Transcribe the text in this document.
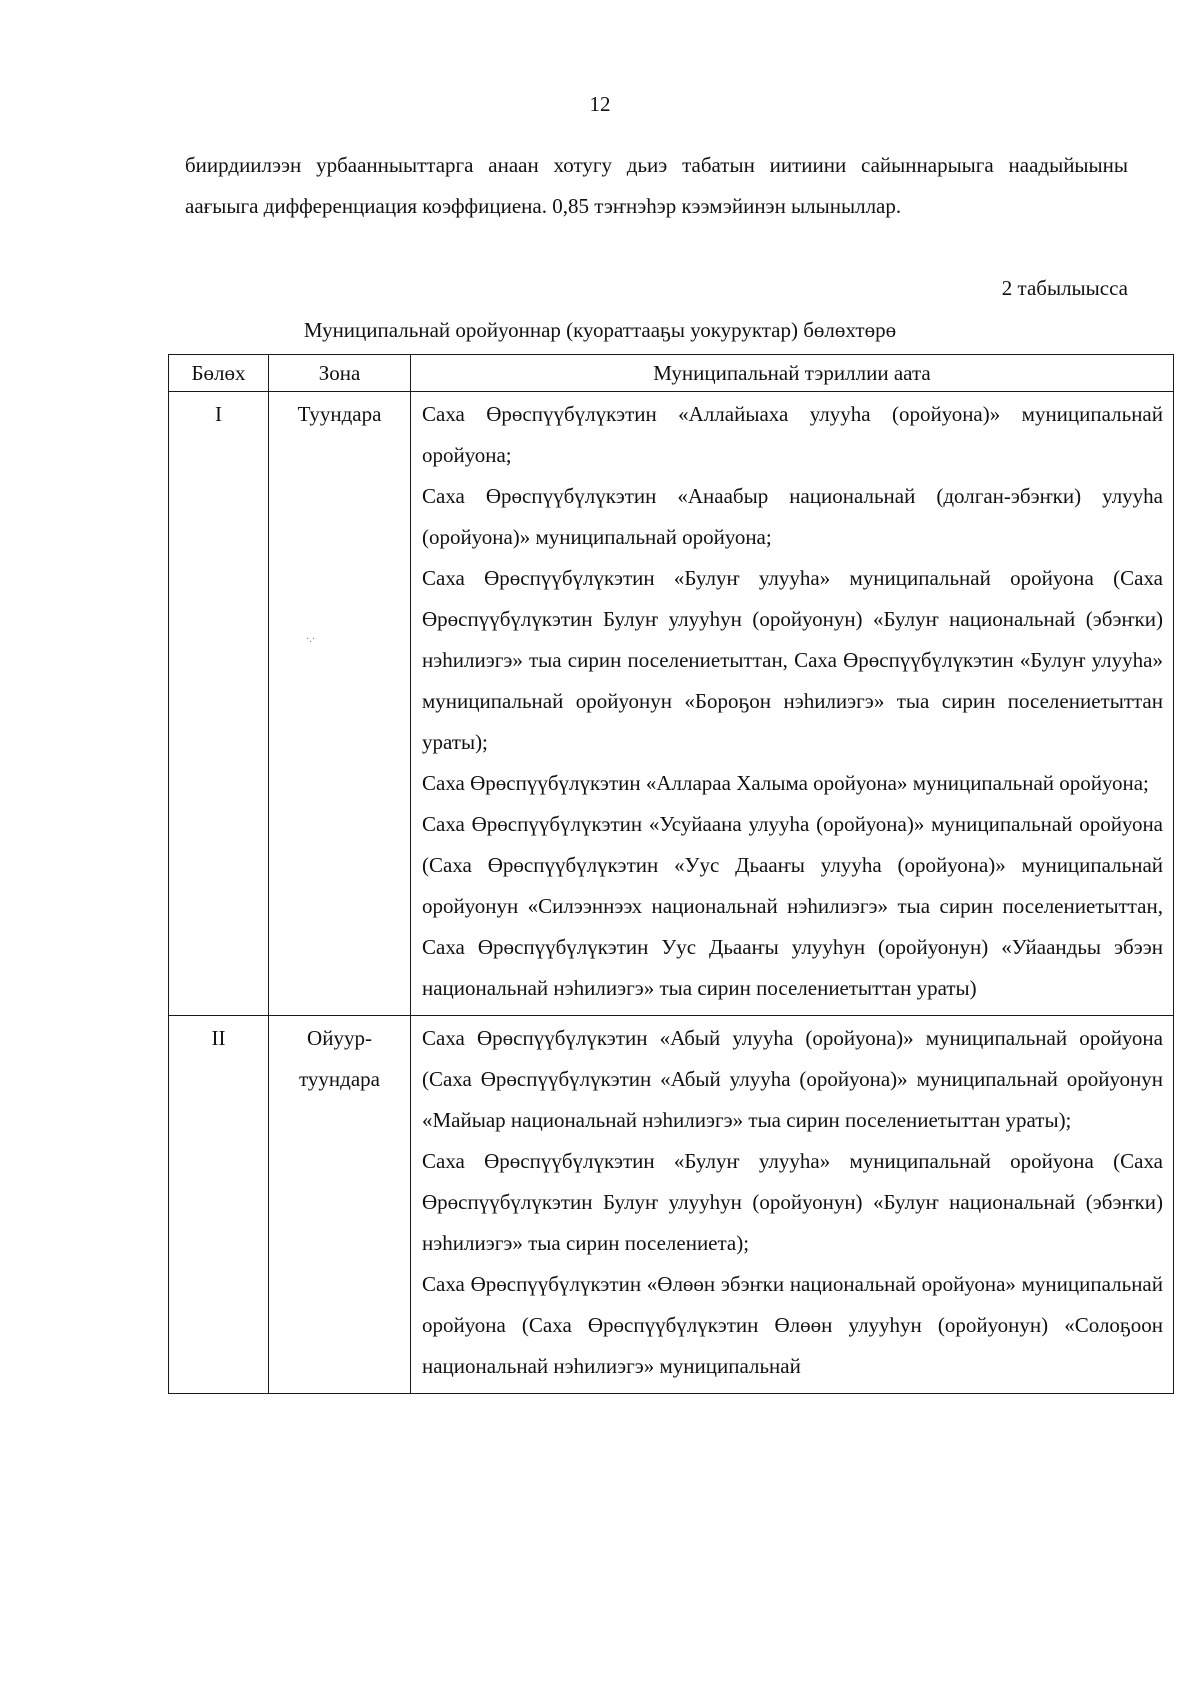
12

биирдиилээн урбаанныыттарга анаан хотугу дьиэ табатын иитиини сайыннарыыга наадыйыыны аағыыга дифференциация коэффициена. 0,85 тэҥнэһэр кээмэйинэн ылыныллар.

2 табылыысса
Муниципальнай оройуоннар (куораттааҕы уокуруктар) бөлөхтөрө
Бөлөх	Зона	Муниципальнай тэриллии аата
I	Туундара	Саха Өрөспүүбүлүкэтин «Аллайыаха улууһа (оройуона)» муниципальнай оройуона;

Саха Өрөспүүбүлүкэтин «Анаабыр национальнай (долган-эбэҥки) улууһа (оройуона)» муниципальнай оройуона;

Саха Өрөспүүбүлүкэтин «Булуҥ улууһа» муниципальнай оройуона (Саха Өрөспүүбүлүкэтин Булуҥ улууһун (оройуонун) «Булуҥ национальнай (эбэҥки) нэһилиэгэ» тыа сирин поселениетыттан, Саха Өрөспүүбүлүкэтин «Булуҥ улууһа» муниципальнай оройуонун «Бороҕон нэһилиэгэ» тыа сирин поселениетыттан ураты);

Саха Өрөспүүбүлүкэтин «Аллараа Халыма оройуона» муниципальнай оройуона;

Саха Өрөспүүбүлүкэтин «Усуйаана улууһа (оройуона)» муниципальнай оройуона (Саха Өрөспүүбүлүкэтин «Уус Дьааҥы улууһа (оройуона)» муниципальнай оройуонун «Силээннээх национальнай нэһилиэгэ» тыа сирин поселениетыттан, Саха Өрөспүүбүлүкэтин Уус Дьааҥы улууһун (оройуонун) «Уйаандьы эбээн национальнай нэһилиэгэ» тыа сирин поселениетыттан ураты)

II	Ойуур-туундара	Саха Өрөспүүбүлүкэтин «Абый улууһа (оройуона)» муниципальнай оройуона (Саха Өрөспүүбүлүкэтин «Абый улууһа (оройуона)» муниципальнай оройуонун «Майыар национальнай нэһилиэгэ» тыа сирин поселениетыттан ураты);

Саха Өрөспүүбүлүкэтин «Булуҥ улууһа» муниципальнай оройуона (Саха Өрөспүүбүлүкэтин Булуҥ улууһун (оройуонун) «Булуҥ национальнай (эбэҥки) нэһилиэгэ» тыа сирин поселениета);

Саха Өрөспүүбүлүкэтин «Өлөөн эбэҥки национальнай оройуона» муниципальнай оройуона (Саха Өрөспүүбүлүкэтин Өлөөн улууһун (оройуонун) «Солоҕоон национальнай нэһилиэгэ» муниципальнай

·.·
